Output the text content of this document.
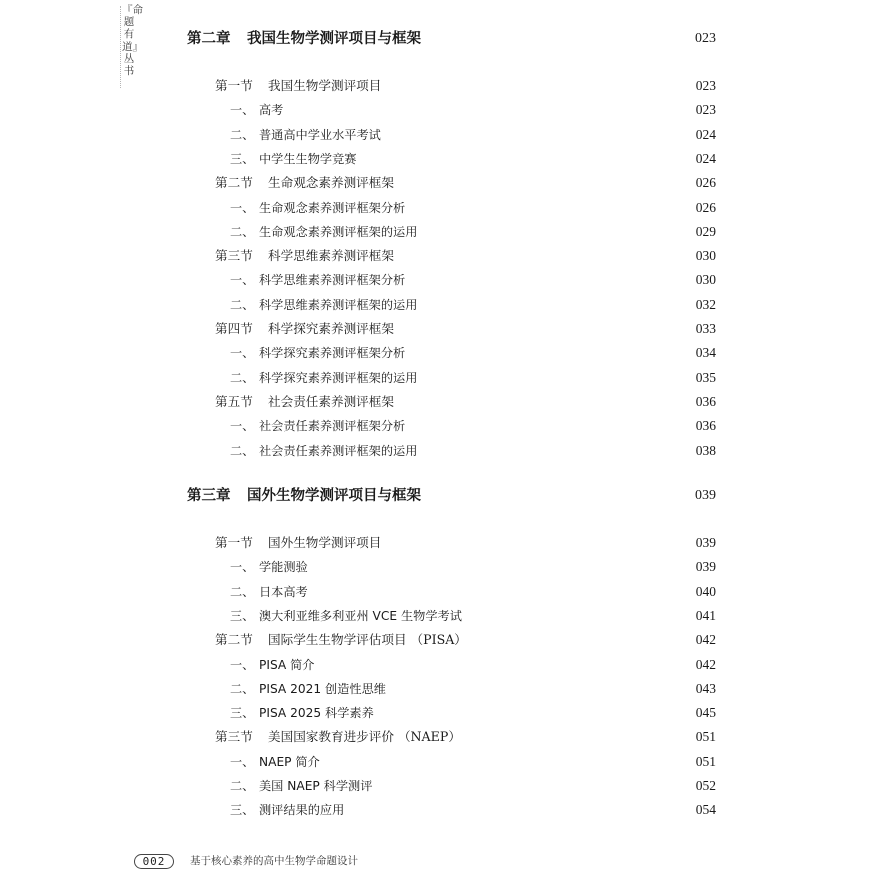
『命题有道』丛书
第二章 我国生物学测评项目与框架	023
第一节 我国生物学测评项目	023
一、 高考	023
二、 普通高中学业水平考试	024
三、 中学生生物学竞赛	024
第二节 生命观念素养测评框架	026
一、 生命观念素养测评框架分析	026
二、 生命观念素养测评框架的运用	029
第三节 科学思维素养测评框架	030
一、 科学思维素养测评框架分析	030
二、 科学思维素养测评框架的运用	032
第四节 科学探究素养测评框架	033
一、 科学探究素养测评框架分析	034
二、 科学探究素养测评框架的运用	035
第五节 社会责任素养测评框架	036
一、 社会责任素养测评框架分析	036
二、 社会责任素养测评框架的运用	038
第三章 国外生物学测评项目与框架	039
第一节 国外生物学测评项目	039
一、 学能测验	039
二、 日本高考	040
三、 澳大利亚维多利亚州 VCE 生物学考试	041
第二节 国际学生生物学评估项目 （PISA）	042
一、 PISA 简介	042
二、 PISA 2021 创造性思维	043
三、 PISA 2025 科学素养	045
第三节 美国国家教育进步评价 （NAEP）	051
一、 NAEP 简介	051
二、 美国 NAEP 科学测评	052
三、 测评结果的应用	054
002	基于核心素养的高中生物学命题设计
